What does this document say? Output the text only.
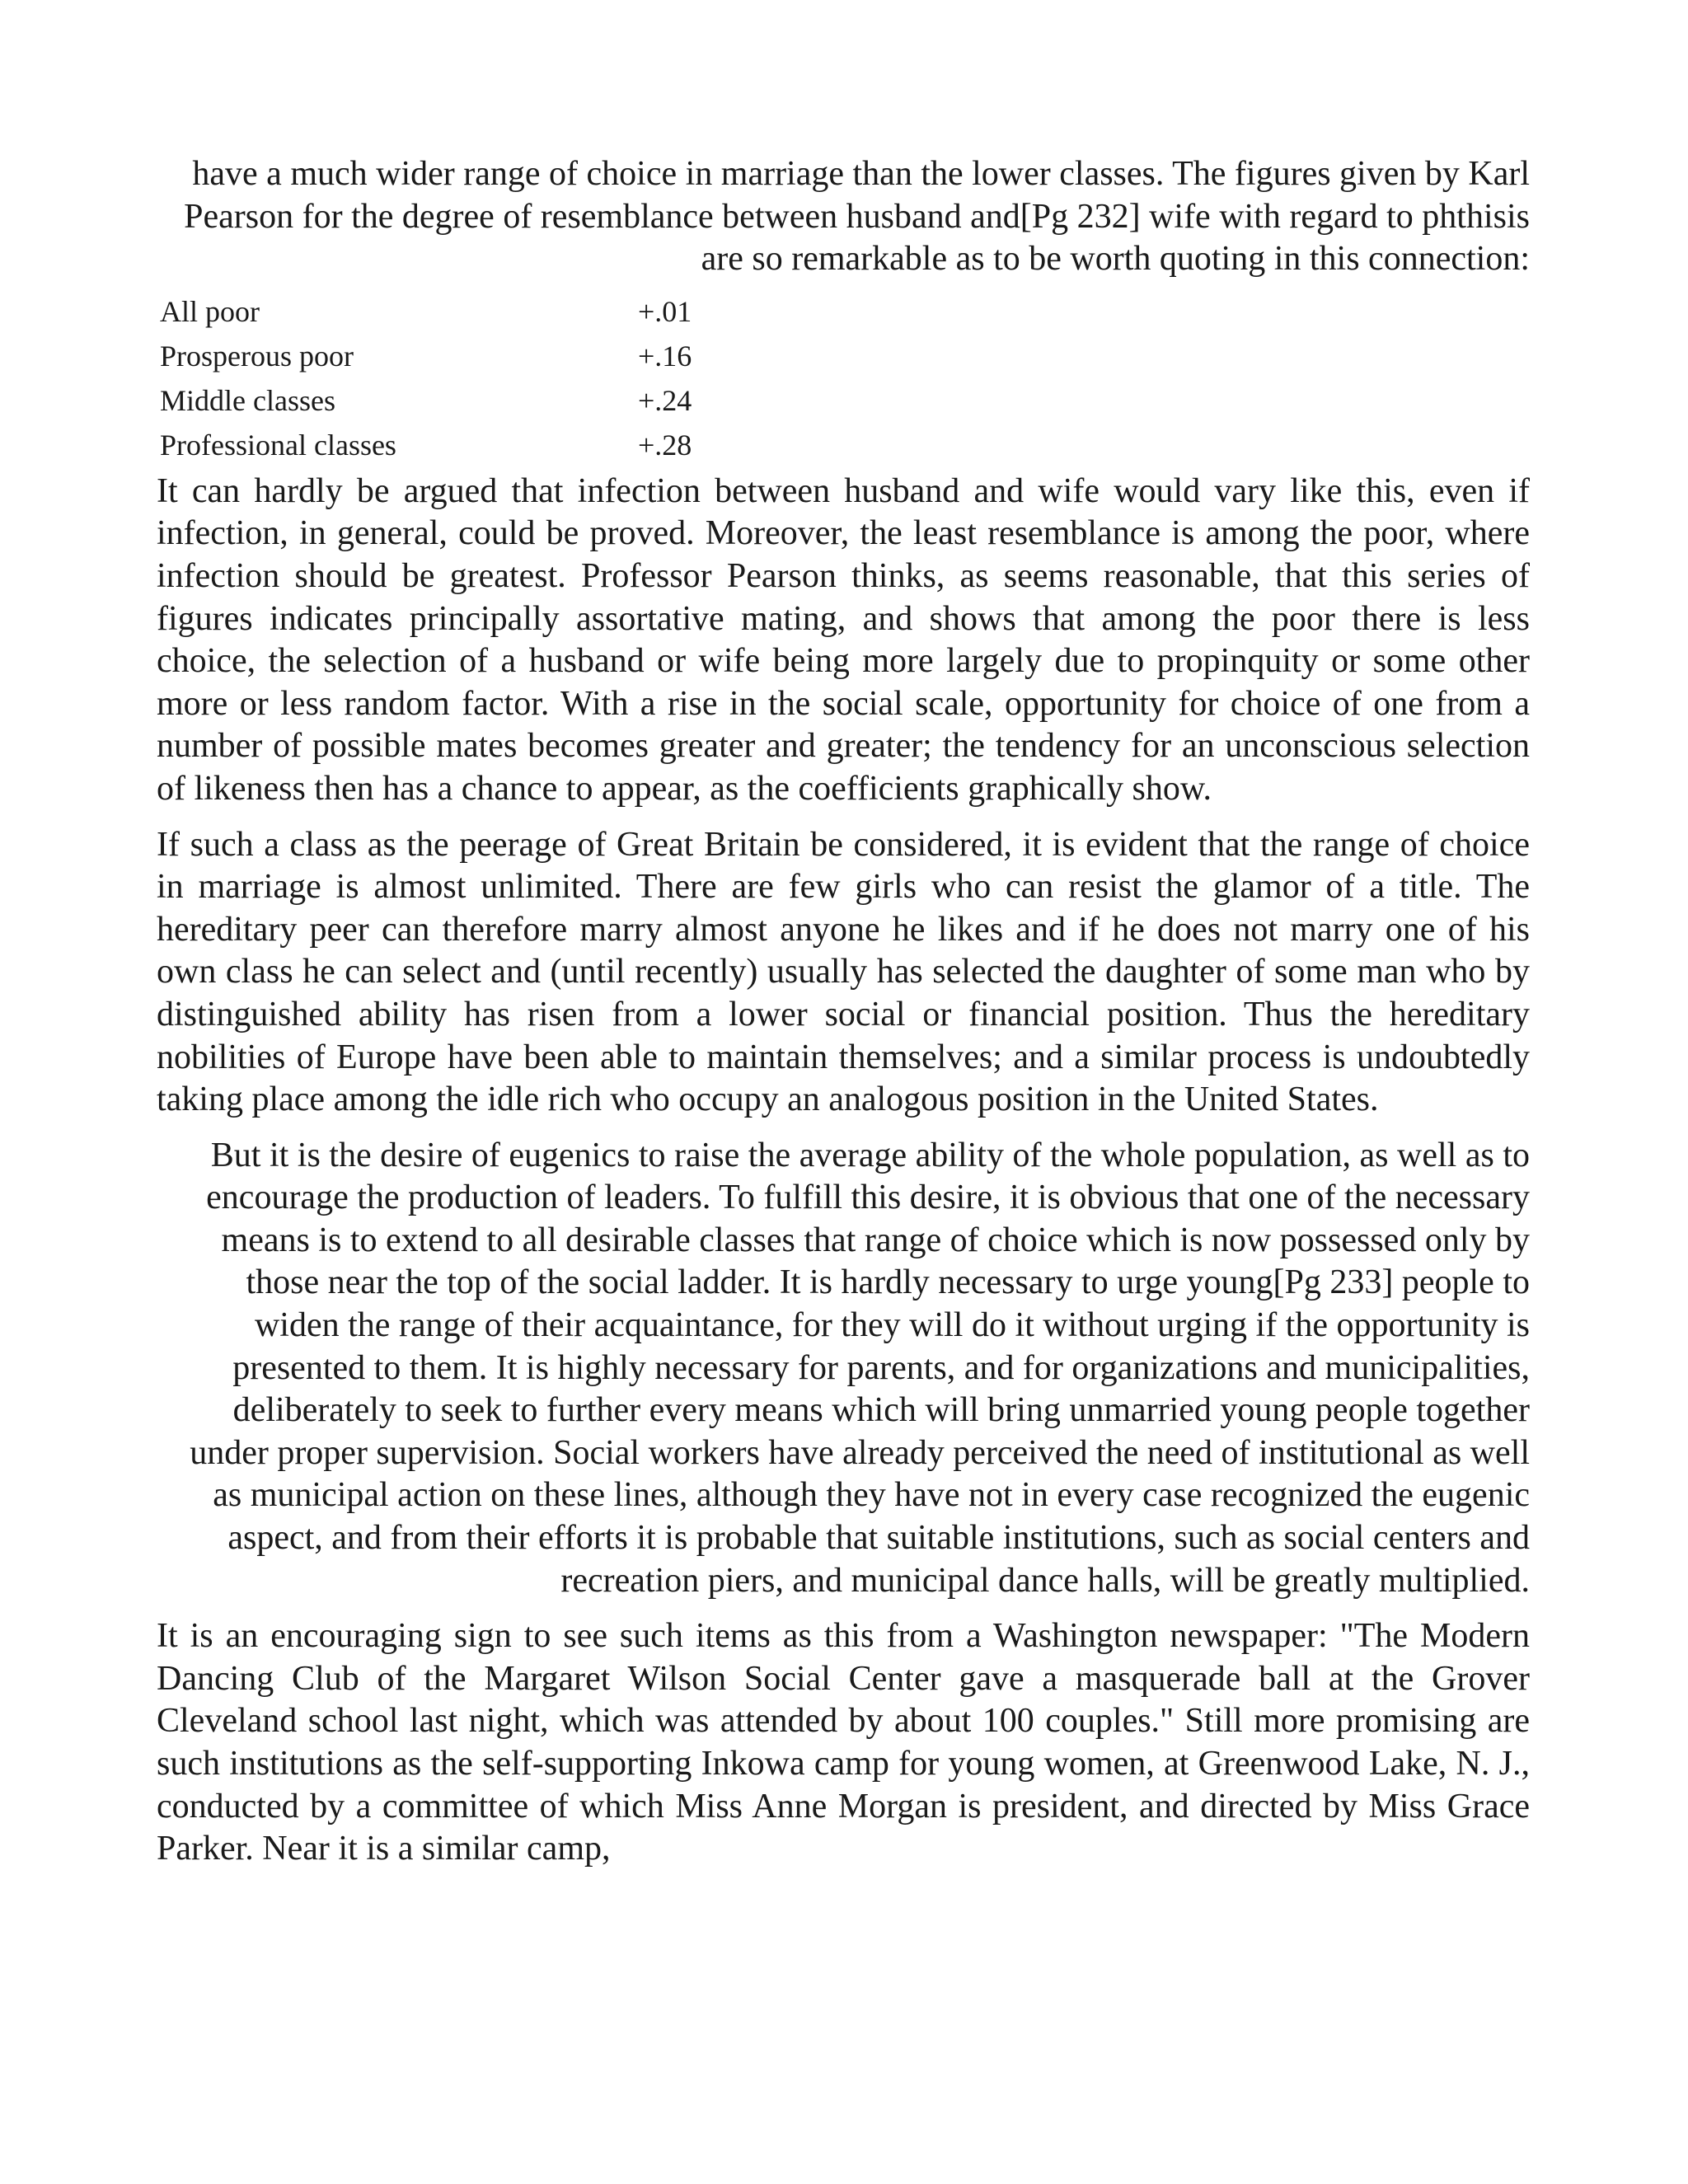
have a much wider range of choice in marriage than the lower classes. The figures given by Karl Pearson for the degree of resemblance between husband and[Pg 232] wife with regard to phthisis are so remarkable as to be worth quoting in this connection:

All poor	+.01
Prosperous poor	+.16
Middle classes	+.24
Professional classes	+.28

It can hardly be argued that infection between husband and wife would vary like this, even if infection, in general, could be proved. Moreover, the least resemblance is among the poor, where infection should be greatest. Professor Pearson thinks, as seems reasonable, that this series of figures indicates principally assortative mating, and shows that among the poor there is less choice, the selection of a husband or wife being more largely due to propinquity or some other more or less random factor. With a rise in the social scale, opportunity for choice of one from a number of possible mates becomes greater and greater; the tendency for an unconscious selection of likeness then has a chance to appear, as the coefficients graphically show.

If such a class as the peerage of Great Britain be considered, it is evident that the range of choice in marriage is almost unlimited. There are few girls who can resist the glamor of a title. The hereditary peer can therefore marry almost anyone he likes and if he does not marry one of his own class he can select and (until recently) usually has selected the daughter of some man who by distinguished ability has risen from a lower social or financial position. Thus the hereditary nobilities of Europe have been able to maintain themselves; and a similar process is undoubtedly taking place among the idle rich who occupy an analogous position in the United States.

But it is the desire of eugenics to raise the average ability of the whole population, as well as to encourage the production of leaders. To fulfill this desire, it is obvious that one of the necessary means is to extend to all desirable classes that range of choice which is now possessed only by those near the top of the social ladder. It is hardly necessary to urge young[Pg 233] people to widen the range of their acquaintance, for they will do it without urging if the opportunity is presented to them. It is highly necessary for parents, and for organizations and municipalities, deliberately to seek to further every means which will bring unmarried young people together under proper supervision. Social workers have already perceived the need of institutional as well as municipal action on these lines, although they have not in every case recognized the eugenic aspect, and from their efforts it is probable that suitable institutions, such as social centers and recreation piers, and municipal dance halls, will be greatly multiplied.

It is an encouraging sign to see such items as this from a Washington newspaper: "The Modern Dancing Club of the Margaret Wilson Social Center gave a masquerade ball at the Grover Cleveland school last night, which was attended by about 100 couples." Still more promising are such institutions as the self-supporting Inkowa camp for young women, at Greenwood Lake, N. J., conducted by a committee of which Miss Anne Morgan is president, and directed by Miss Grace Parker. Near it is a similar camp,
